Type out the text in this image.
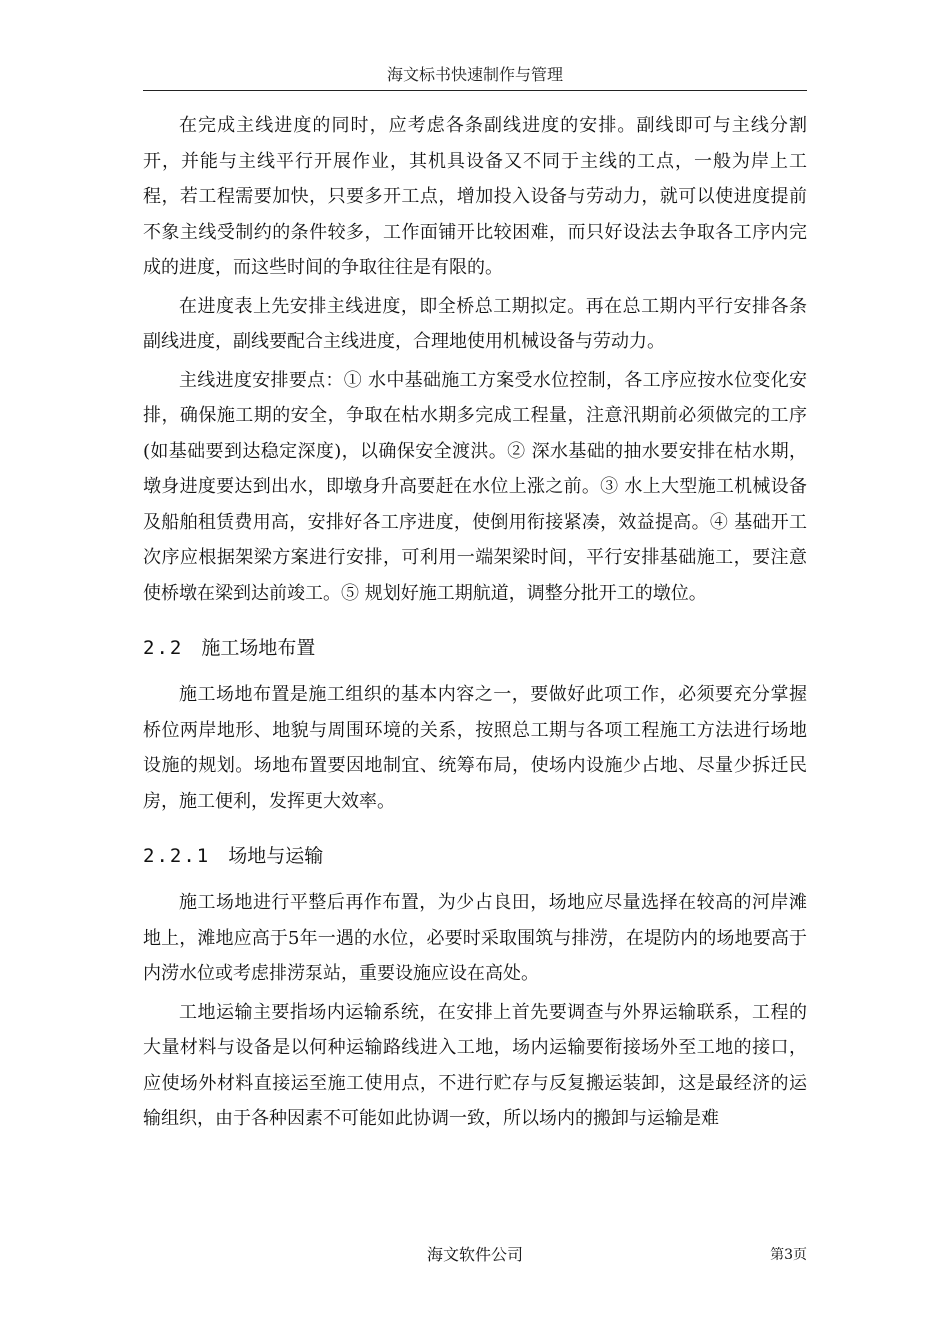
海文标书快速制作与管理

在完成主线进度的同时，应考虑各条副线进度的安排。副线即可与主线分割开，并能与主线平行开展作业，其机具设备又不同于主线的工点，一般为岸上工程，若工程需要加快，只要多开工点，增加投入设备与劳动力，就可以使进度提前不象主线受制约的条件较多，工作面铺开比较困难，而只好设法去争取各工序内完成的进度，而这些时间的争取往往是有限的。

在进度表上先安排主线进度，即全桥总工期拟定。再在总工期内平行安排各条副线进度，副线要配合主线进度，合理地使用机械设备与劳动力。

主线进度安排要点：① 水中基础施工方案受水位控制，各工序应按水位变化安排，确保施工期的安全，争取在枯水期多完成工程量，注意汛期前必须做完的工序(如基础要到达稳定深度)，以确保安全渡洪。② 深水基础的抽水要安排在枯水期，墩身进度要达到出水，即墩身升高要赶在水位上涨之前。③ 水上大型施工机械设备及船舶租赁费用高，安排好各工序进度，使倒用衔接紧凑，效益提高。④ 基础开工次序应根据架梁方案进行安排，可利用一端架梁时间，平行安排基础施工，要注意使桥墩在梁到达前竣工。⑤ 规划好施工期航道，调整分批开工的墩位。

2.2 施工场地布置

施工场地布置是施工组织的基本内容之一，要做好此项工作，必须要充分掌握桥位两岸地形、地貌与周围环境的关系，按照总工期与各项工程施工方法进行场地设施的规划。场地布置要因地制宜、统筹布局，使场内设施少占地、尽量少拆迁民房，施工便利，发挥更大效率。

2.2.1 场地与运输

施工场地进行平整后再作布置，为少占良田，场地应尽量选择在较高的河岸滩地上，滩地应高于5年一遇的水位，必要时采取围筑与排涝，在堤防内的场地要高于内涝水位或考虑排涝泵站，重要设施应设在高处。

工地运输主要指场内运输系统，在安排上首先要调查与外界运输联系，工程的大量材料与设备是以何种运输路线进入工地，场内运输要衔接场外至工地的接口，应使场外材料直接运至施工使用点，不进行贮存与反复搬运装卸，这是最经济的运输组织，由于各种因素不可能如此协调一致，所以场内的搬卸与运输是难

海文软件公司	第3页
